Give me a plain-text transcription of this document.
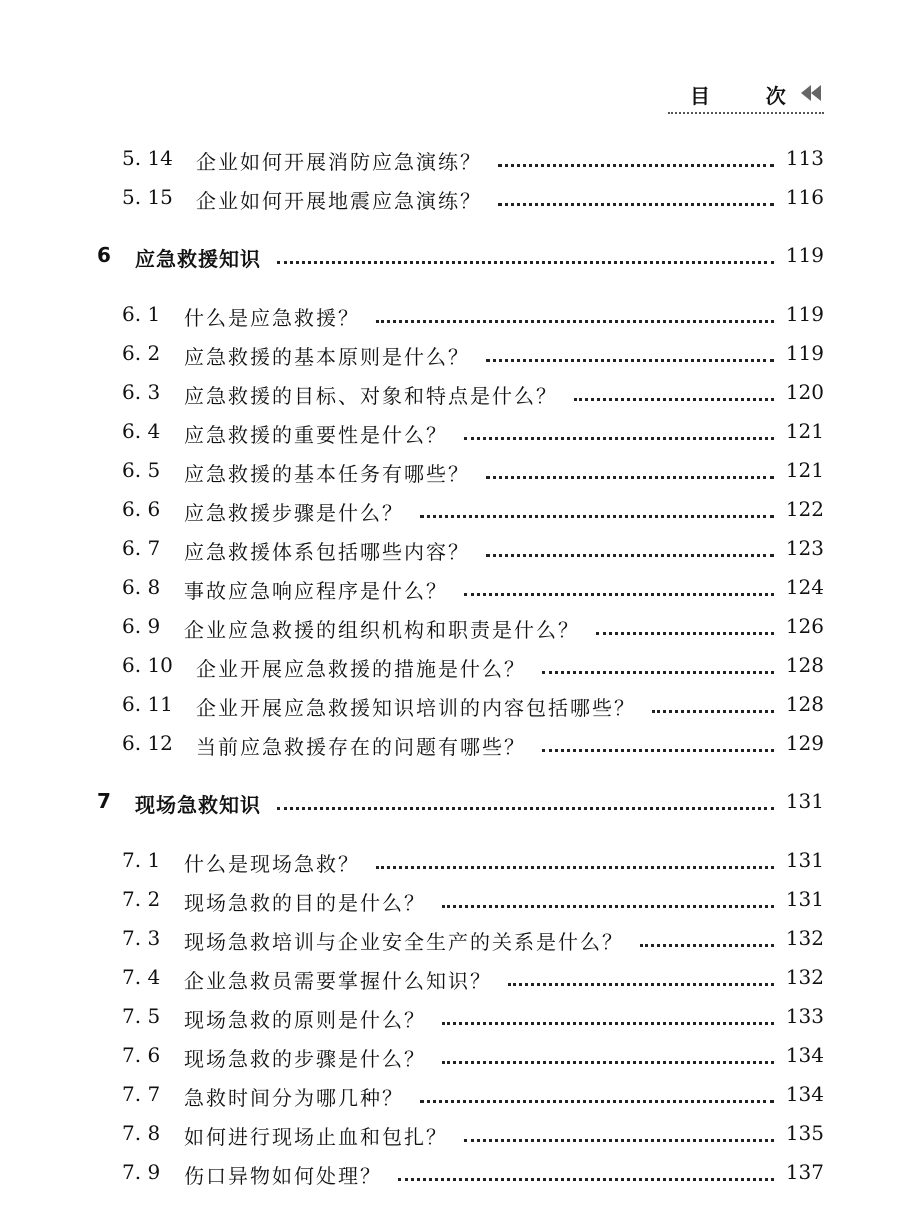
目      次
5. 14 企业如何开展消防应急演练？	113
5. 15 企业如何开展地震应急演练？	116
6 应急救援知识	119
6. 1 什么是应急救援？	119
6. 2 应急救援的基本原则是什么？	119
6. 3 应急救援的目标、对象和特点是什么？	120
6. 4 应急救援的重要性是什么？	121
6. 5 应急救援的基本任务有哪些？	121
6. 6 应急救援步骤是什么？	122
6. 7 应急救援体系包括哪些内容？	123
6. 8 事故应急响应程序是什么？	124
6. 9 企业应急救援的组织机构和职责是什么？	126
6. 10 企业开展应急救援的措施是什么？	128
6. 11 企业开展应急救援知识培训的内容包括哪些？	128
6. 12 当前应急救援存在的问题有哪些？	129
7 现场急救知识	131
7. 1 什么是现场急救？	131
7. 2 现场急救的目的是什么？	131
7. 3 现场急救培训与企业安全生产的关系是什么？	132
7. 4 企业急救员需要掌握什么知识？	132
7. 5 现场急救的原则是什么？	133
7. 6 现场急救的步骤是什么？	134
7. 7 急救时间分为哪几种？	134
7. 8 如何进行现场止血和包扎？	135
7. 9 伤口异物如何处理？	137
